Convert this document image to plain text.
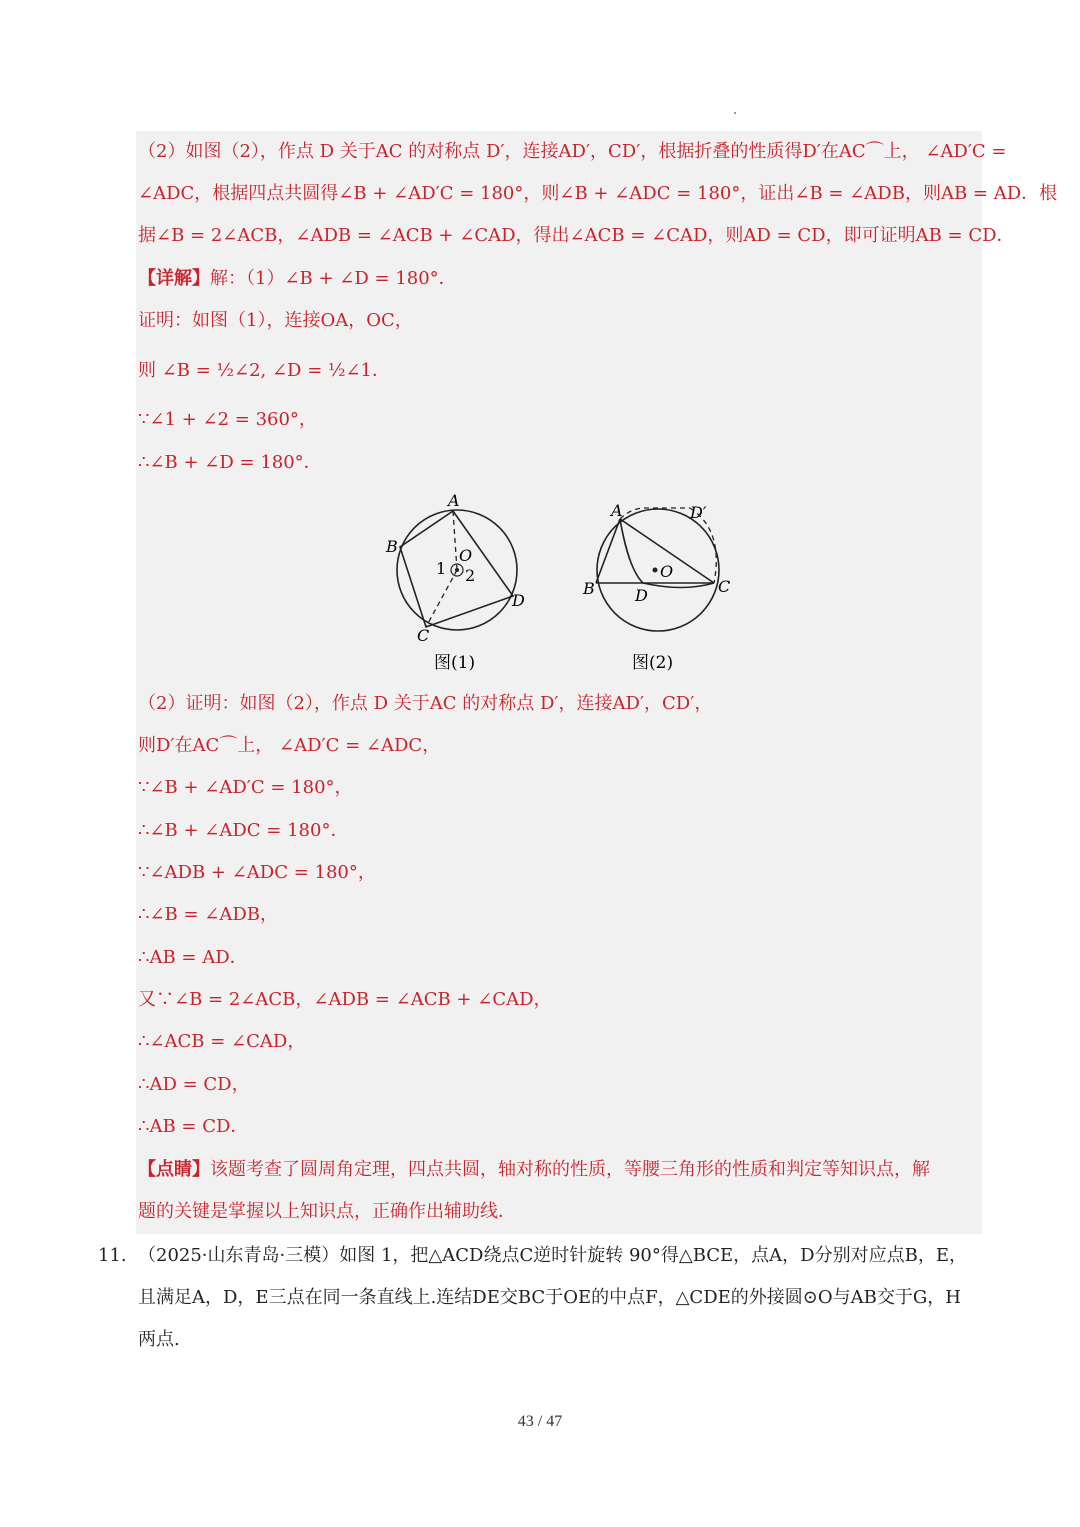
（2）如图（2），作点 D 关于AC 的对称点 D′，连接AD′，CD′，根据折叠的性质得D′在AC⌒上， ∠AD′C =
∠ADC，根据四点共圆得∠B + ∠AD′C = 180°，则∠B + ∠ADC = 180°，证出∠B = ∠ADB，则AB = AD．根
据∠B = 2∠ACB，∠ADB = ∠ACB + ∠CAD，得出∠ACB = ∠CAD，则AD = CD，即可证明AB = CD．
【详解】解：（1）∠B + ∠D = 180°．
证明：如图（1），连接OA，OC，
则 ∠B = ½∠2, ∠D = ½∠1．
∵∠1 + ∠2 = 360°，
∴∠B + ∠D = 180°．
A
B
C
D
O
1 2
图(1)
A
B	C
D
D′
O
图(2)
（2）证明：如图（2），作点 D 关于AC 的对称点 D′，连接AD′，CD′，
则D′在AC⌒上， ∠AD′C = ∠ADC，
∵∠B + ∠AD′C = 180°，
∴∠B + ∠ADC = 180°．
∵∠ADB + ∠ADC = 180°，
∴∠B = ∠ADB，
∴AB = AD．
又∵∠B = 2∠ACB，∠ADB = ∠ACB + ∠CAD，
∴∠ACB = ∠CAD，
∴AD = CD，
∴AB = CD．
【点睛】该题考查了圆周角定理，四点共圆，轴对称的性质，等腰三角形的性质和判定等知识点，解
题的关键是掌握以上知识点，正确作出辅助线．
11. （2025·山东青岛·三模）如图 1，把△ACD绕点C逆时针旋转 90°得△BCE，点A，D分别对应点B，E，
且满足A，D，E三点在同一条直线上.连结DE交BC于OE的中点F，△CDE的外接圆⊙O与AB交于G，H
两点.
43 / 47
